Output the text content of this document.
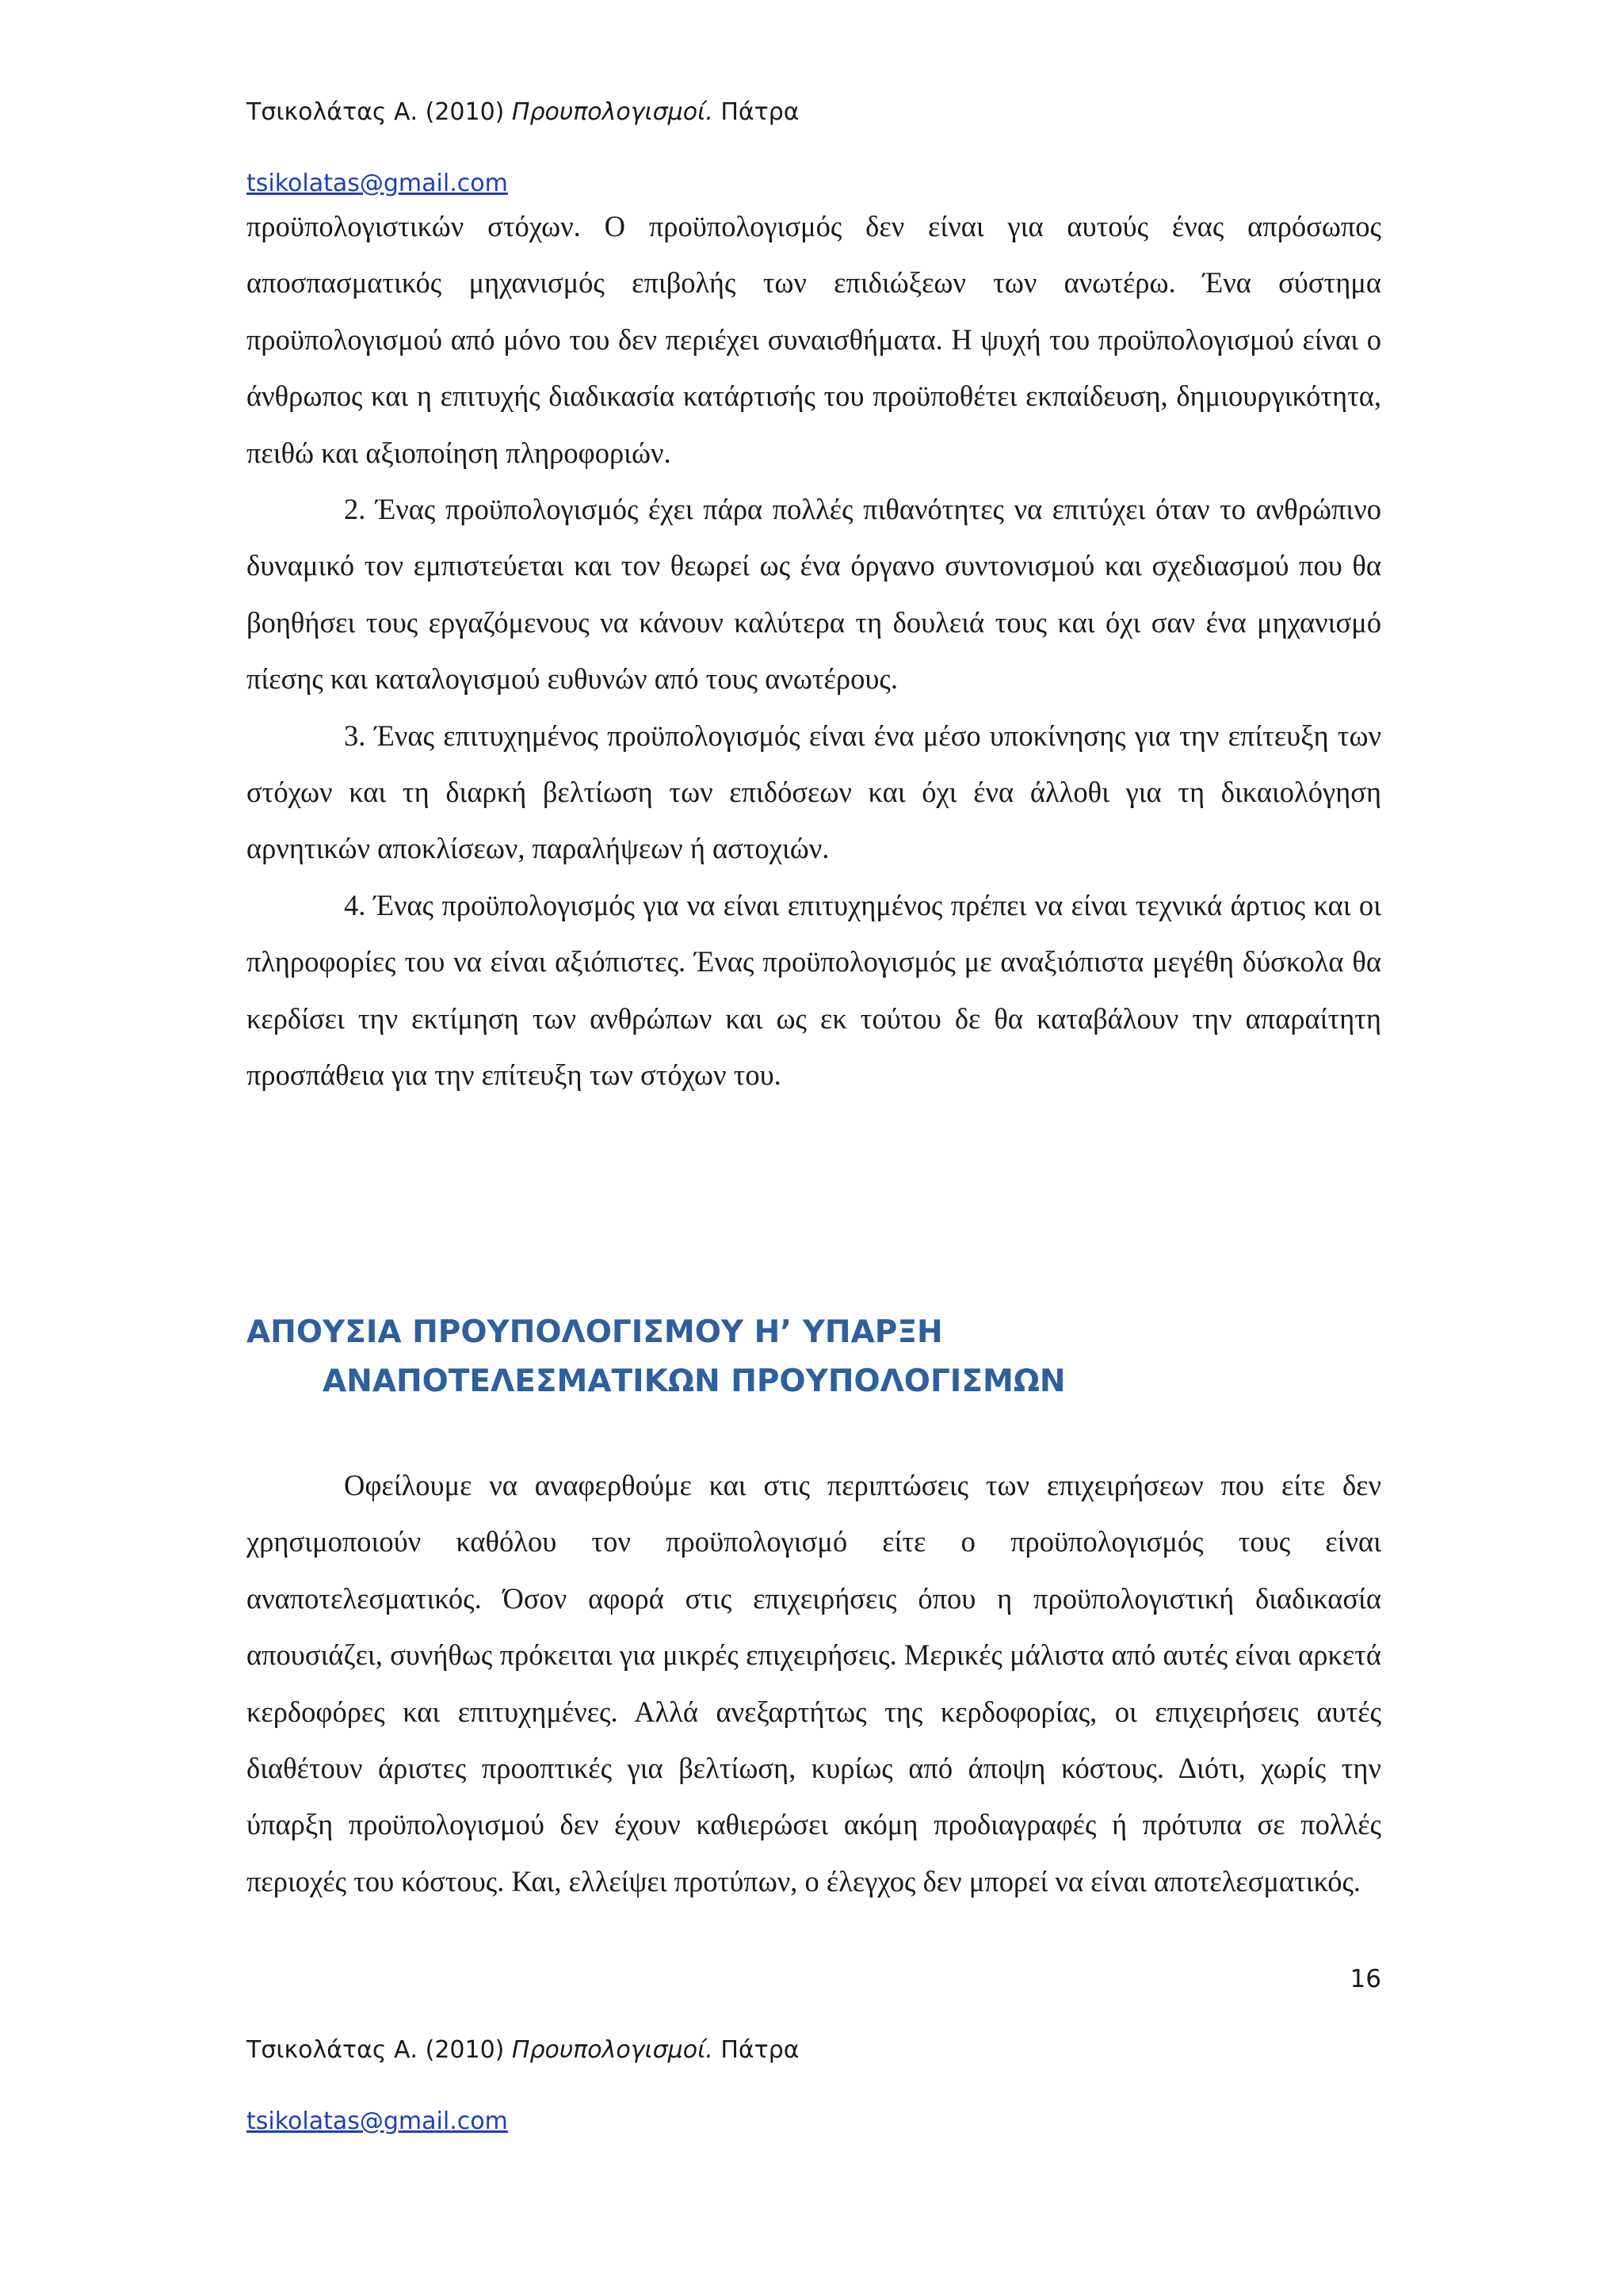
Τσικολάτας Α. (2010) Προυπολογισμοί. Πάτρα
tsikolatas@gmail.com

προϋπολογιστικών στόχων. Ο προϋπολογισμός δεν είναι για αυτούς ένας απρόσωπος αποσπασματικός μηχανισμός επιβολής των επιδιώξεων των ανωτέρω. Ένα σύστημα προϋπολογισμού από μόνο του δεν περιέχει συναισθήματα. Η ψυχή του προϋπολογισμού είναι ο άνθρωπος και η επιτυχής διαδικασία κατάρτισής του προϋποθέτει εκπαίδευση, δημιουργικότητα, πειθώ και αξιοποίηση πληροφοριών.

2. Ένας προϋπολογισμός έχει πάρα πολλές πιθανότητες να επιτύχει όταν το ανθρώπινο δυναμικό τον εμπιστεύεται και τον θεωρεί ως ένα όργανο συντονισμού και σχεδιασμού που θα βοηθήσει τους εργαζόμενους να κάνουν καλύτερα τη δουλειά τους και όχι σαν ένα μηχανισμό πίεσης και καταλογισμού ευθυνών από τους ανωτέρους.

3. Ένας επιτυχημένος προϋπολογισμός είναι ένα μέσο υποκίνησης για την επίτευξη των στόχων και τη διαρκή βελτίωση των επιδόσεων και όχι ένα άλλοθι για τη δικαιολόγηση αρνητικών αποκλίσεων, παραλήψεων ή αστοχιών.

4. Ένας προϋπολογισμός για να είναι επιτυχημένος πρέπει να είναι τεχνικά άρτιος και οι πληροφορίες του να είναι αξιόπιστες. Ένας προϋπολογισμός με αναξιόπιστα μεγέθη δύσκολα θα κερδίσει την εκτίμηση των ανθρώπων και ως εκ τούτου δε θα καταβάλουν την απαραίτητη προσπάθεια για την επίτευξη των στόχων του.

ΑΠΟΥΣΙΑ ΠΡΟΥΠΟΛΟΓΙΣΜΟΥ Η’ ΥΠΑΡΞΗ
ΑΝΑΠΟΤΕΛΕΣΜΑΤΙΚΩΝ ΠΡΟΥΠΟΛΟΓΙΣΜΩΝ

Οφείλουμε να αναφερθούμε και στις περιπτώσεις των επιχειρήσεων που είτε δεν χρησιμοποιούν καθόλου τον προϋπολογισμό είτε ο προϋπολογισμός τους είναι αναποτελεσματικός. Όσον αφορά στις επιχειρήσεις όπου η προϋπολογιστική διαδικασία απουσιάζει, συνήθως πρόκειται για μικρές επιχειρήσεις. Μερικές μάλιστα από αυτές είναι αρκετά κερδοφόρες και επιτυχημένες. Αλλά ανεξαρτήτως της κερδοφορίας, οι επιχειρήσεις αυτές διαθέτουν άριστες προοπτικές για βελτίωση, κυρίως από άποψη κόστους. Διότι, χωρίς την ύπαρξη προϋπολογισμού δεν έχουν καθιερώσει ακόμη προδιαγραφές ή πρότυπα σε πολλές περιοχές του κόστους. Και, ελλείψει προτύπων, ο έλεγχος δεν μπορεί να είναι αποτελεσματικός.

16
Τσικολάτας Α. (2010) Προυπολογισμοί. Πάτρα
tsikolatas@gmail.com
